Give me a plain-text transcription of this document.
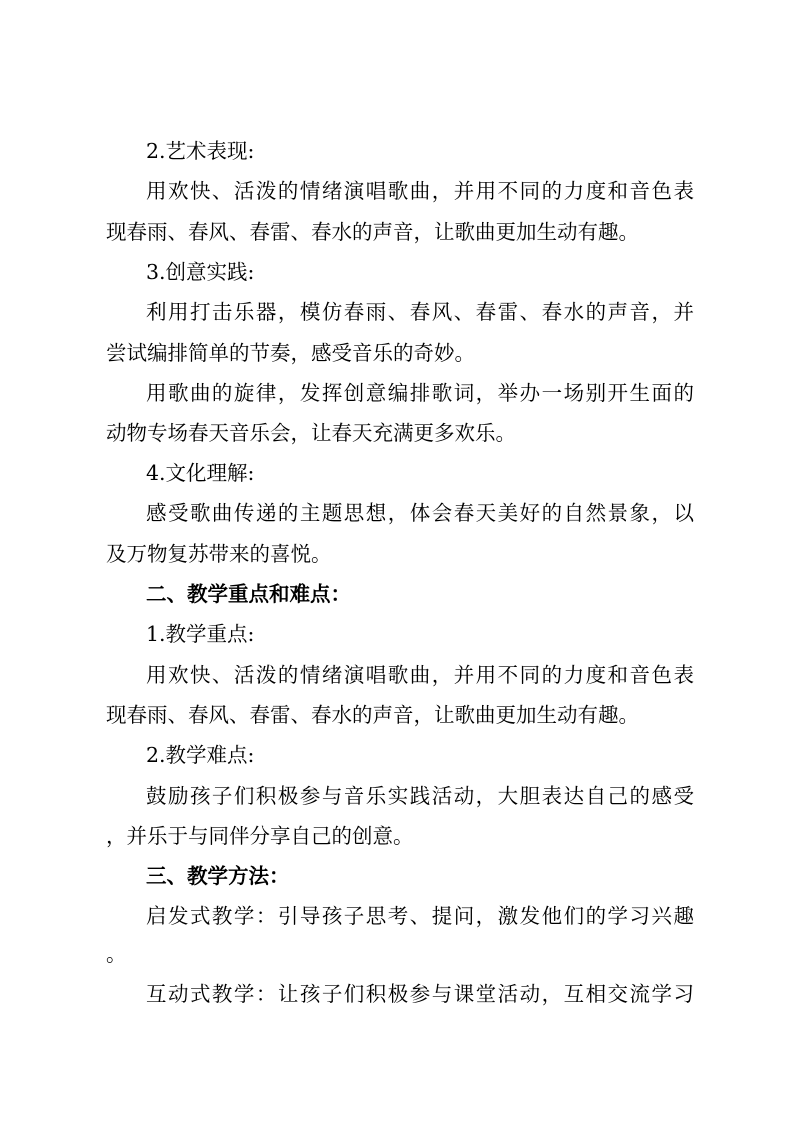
2.艺术表现:
用欢快、活泼的情绪演唱歌曲，并用不同的力度和音色表
现春雨、春风、春雷、春水的声音，让歌曲更加生动有趣。
3.创意实践:
利用打击乐器，模仿春雨、春风、春雷、春水的声音，并
尝试编排简单的节奏，感受音乐的奇妙。
用歌曲的旋律，发挥创意编排歌词，举办一场别开生面的
动物专场春天音乐会，让春天充满更多欢乐。
4.文化理解:
感受歌曲传递的主题思想，体会春天美好的自然景象，以
及万物复苏带来的喜悦。
二、教学重点和难点：
1.教学重点:
用欢快、活泼的情绪演唱歌曲，并用不同的力度和音色表
现春雨、春风、春雷、春水的声音，让歌曲更加生动有趣。
2.教学难点:
鼓励孩子们积极参与音乐实践活动，大胆表达自己的感受
，并乐于与同伴分享自己的创意。
三、教学方法：
启发式教学：引导孩子思考、提问，激发他们的学习兴趣
。
互动式教学：让孩子们积极参与课堂活动，互相交流学习
